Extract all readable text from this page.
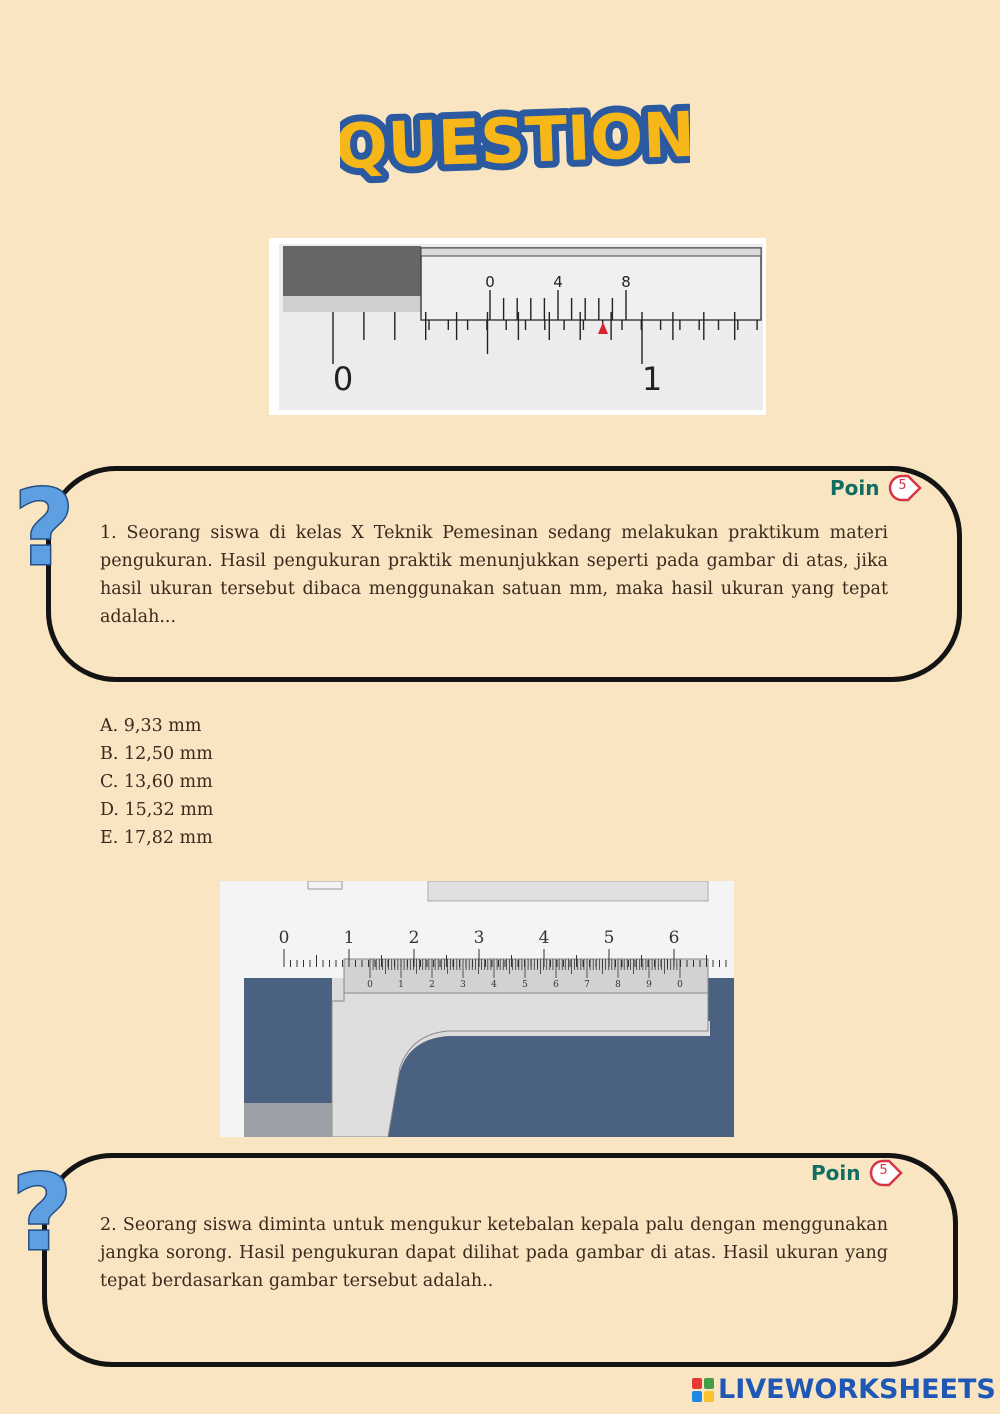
QUESTION
0	4	8
0	1
?	Poin	5
1. Seorang siswa di kelas X Teknik Pemesinan sedang melakukan praktikum materi pengukuran. Hasil pengukuran praktik menunjukkan seperti pada gambar di atas, jika hasil ukuran tersebut dibaca menggunakan satuan mm, maka hasil ukuran yang tepat adalah...
A. 9,33 mm
B. 12,50 mm
C. 13,60 mm
D. 15,32 mm
E. 17,82 mm
0	1	2	3	4	5	6
0	1	2	3	4	5	6	7	8	9	0
?	Poin	5
2. Seorang siswa diminta untuk mengukur ketebalan kepala palu dengan menggunakan jangka sorong. Hasil pengukuran dapat dilihat pada gambar di atas. Hasil ukuran yang tepat berdasarkan gambar tersebut adalah..
LIVEWORKSHEETS
